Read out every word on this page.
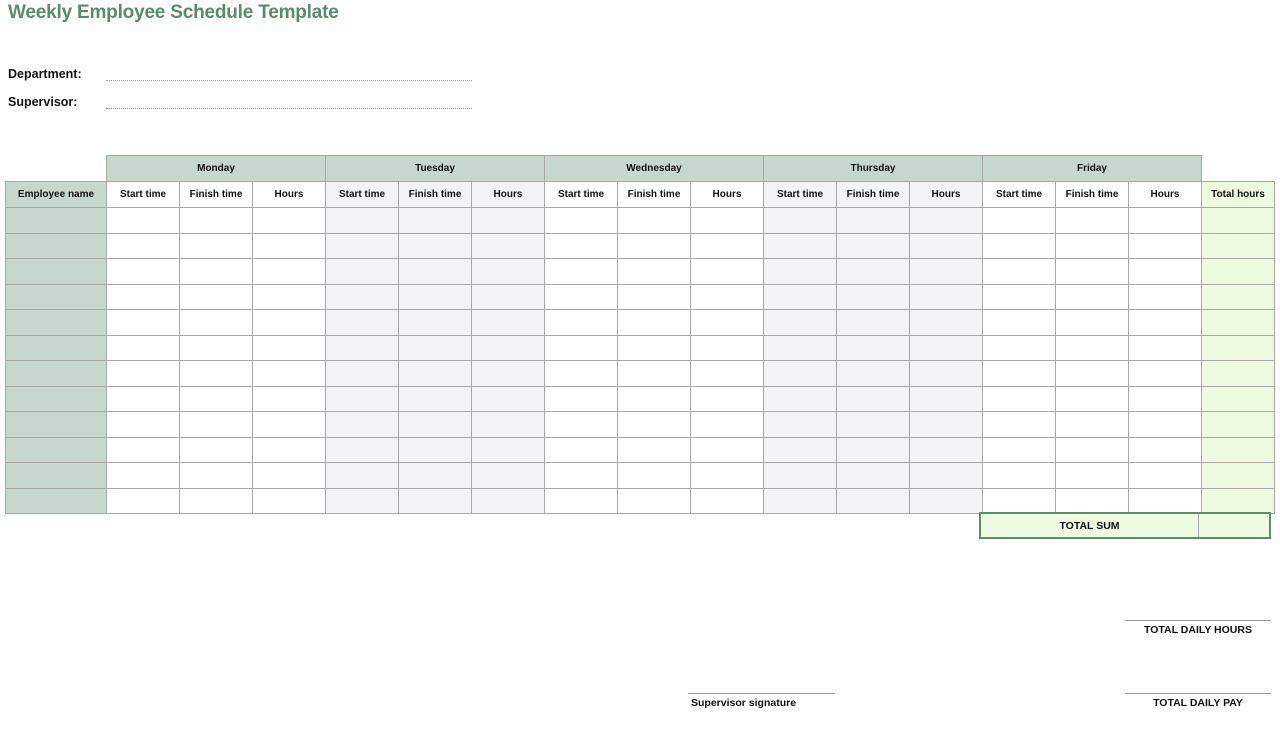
Weekly Employee Schedule Template
Department:
Supervisor:
	Monday			Tuesday			Wednesday			Thursday			Friday			
Employee name	Start time	Finish time	Hours	Start time	Finish time	Hours	Start time	Finish time	Hours	Start time	Finish time	Hours	Start time	Finish time	Hours	Total hours

TOTAL SUM
TOTAL DAILY HOURS
Supervisor signature	TOTAL DAILY PAY
